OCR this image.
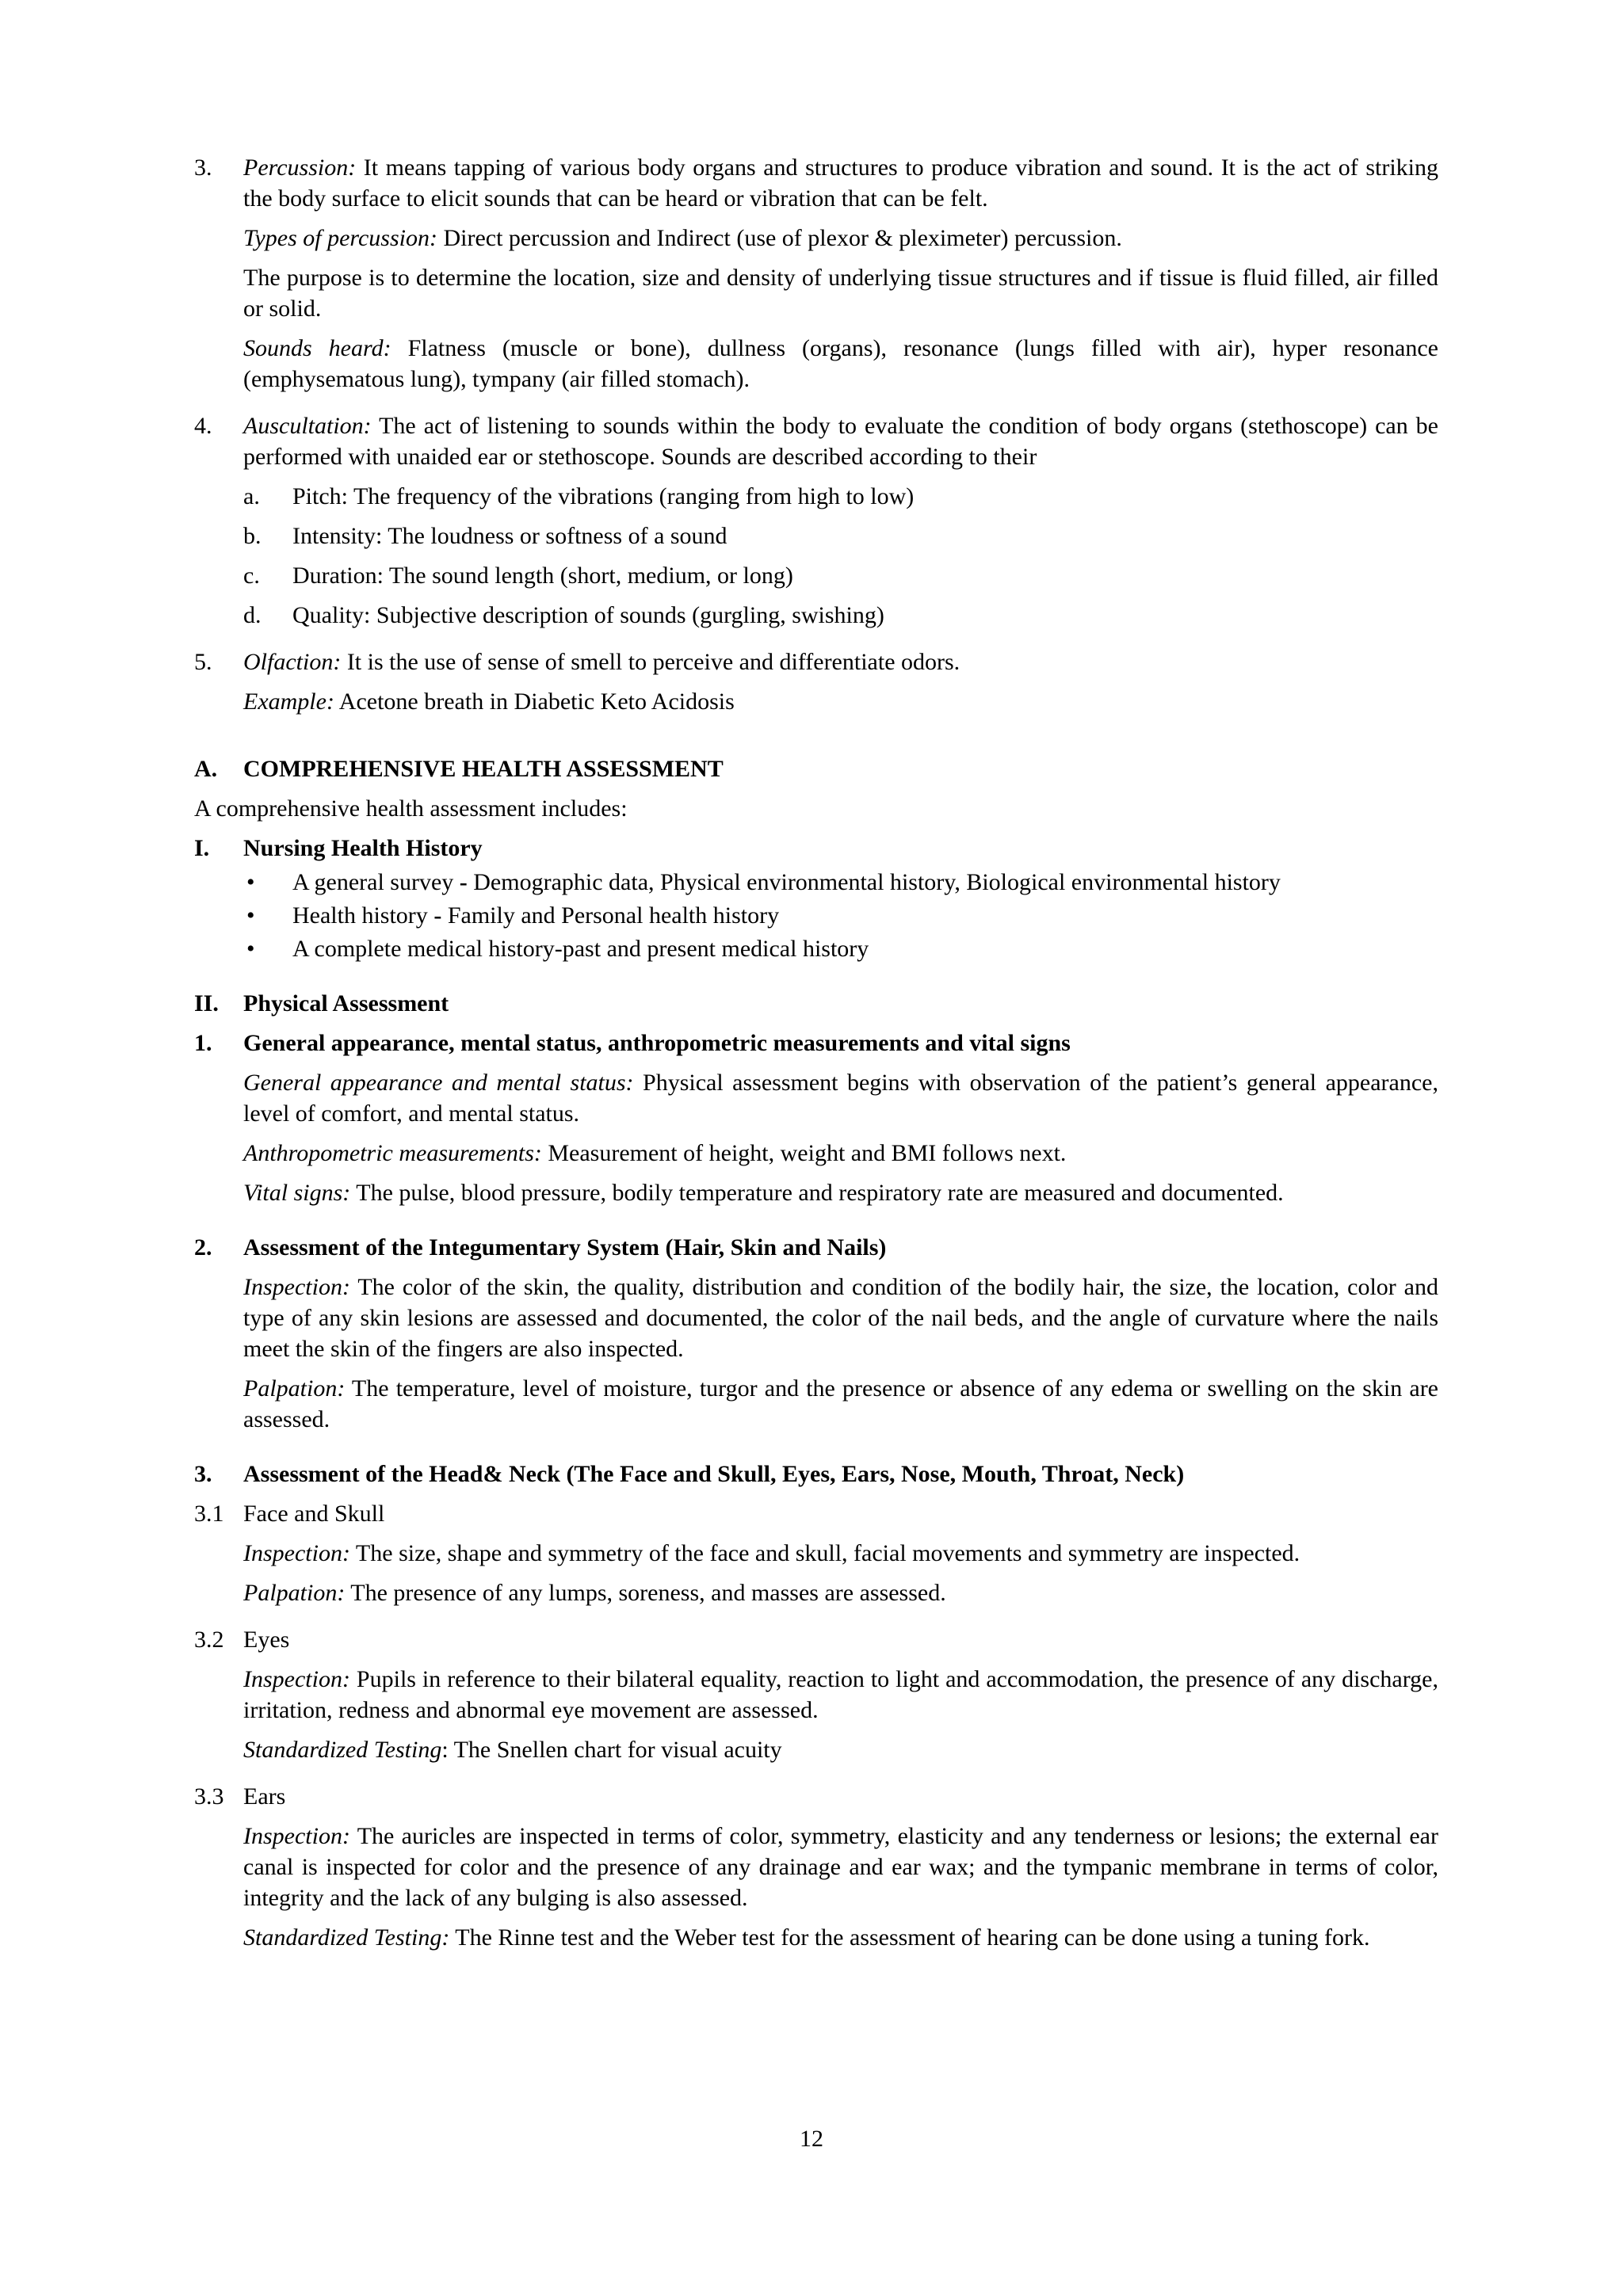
3. Percussion: It means tapping of various body organs and structures to produce vibration and sound. It is the act of striking the body surface to elicit sounds that can be heard or vibration that can be felt.

Types of percussion: Direct percussion and Indirect (use of plexor & pleximeter) percussion.

The purpose is to determine the location, size and density of underlying tissue structures and if tissue is fluid filled, air filled or solid.

Sounds heard: Flatness (muscle or bone), dullness (organs), resonance (lungs filled with air), hyper resonance (emphysematous lung), tympany (air filled stomach).

4. Auscultation: The act of listening to sounds within the body to evaluate the condition of body organs (stethoscope) can be performed with unaided ear or stethoscope. Sounds are described according to their

a. Pitch: The frequency of the vibrations (ranging from high to low)
b. Intensity: The loudness or softness of a sound
c. Duration: The sound length (short, medium, or long)
d. Quality: Subjective description of sounds (gurgling, swishing)
5. Olfaction: It is the use of sense of smell to perceive and differentiate odors.

Example: Acetone breath in Diabetic Keto Acidosis

A. COMPREHENSIVE HEALTH ASSESSMENT

A comprehensive health assessment includes:

I. Nursing Health History
• A general survey - Demographic data, Physical environmental history, Biological environmental history
• Health history - Family and Personal health history
• A complete medical history-past and present medical history
II. Physical Assessment
1. General appearance, mental status, anthropometric measurements and vital signs

General appearance and mental status: Physical assessment begins with observation of the patient’s general appearance, level of comfort, and mental status.

Anthropometric measurements: Measurement of height, weight and BMI follows next.

Vital signs: The pulse, blood pressure, bodily temperature and respiratory rate are measured and documented.

2. Assessment of the Integumentary System (Hair, Skin and Nails)

Inspection: The color of the skin, the quality, distribution and condition of the bodily hair, the size, the location, color and type of any skin lesions are assessed and documented, the color of the nail beds, and the angle of curvature where the nails meet the skin of the fingers are also inspected.

Palpation: The temperature, level of moisture, turgor and the presence or absence of any edema or swelling on the skin are assessed.

3. Assessment of the Head& Neck (The Face and Skull, Eyes, Ears, Nose, Mouth, Throat, Neck)
3.1 Face and Skull

Inspection: The size, shape and symmetry of the face and skull, facial movements and symmetry are inspected.

Palpation: The presence of any lumps, soreness, and masses are assessed.

3.2 Eyes

Inspection: Pupils in reference to their bilateral equality, reaction to light and accommodation, the presence of any discharge, irritation, redness and abnormal eye movement are assessed.

Standardized Testing: The Snellen chart for visual acuity

3.3 Ears

Inspection: The auricles are inspected in terms of color, symmetry, elasticity and any tenderness or lesions; the external ear canal is inspected for color and the presence of any drainage and ear wax; and the tympanic membrane in terms of color, integrity and the lack of any bulging is also assessed.

Standardized Testing: The Rinne test and the Weber test for the assessment of hearing can be done using a tuning fork.

12
